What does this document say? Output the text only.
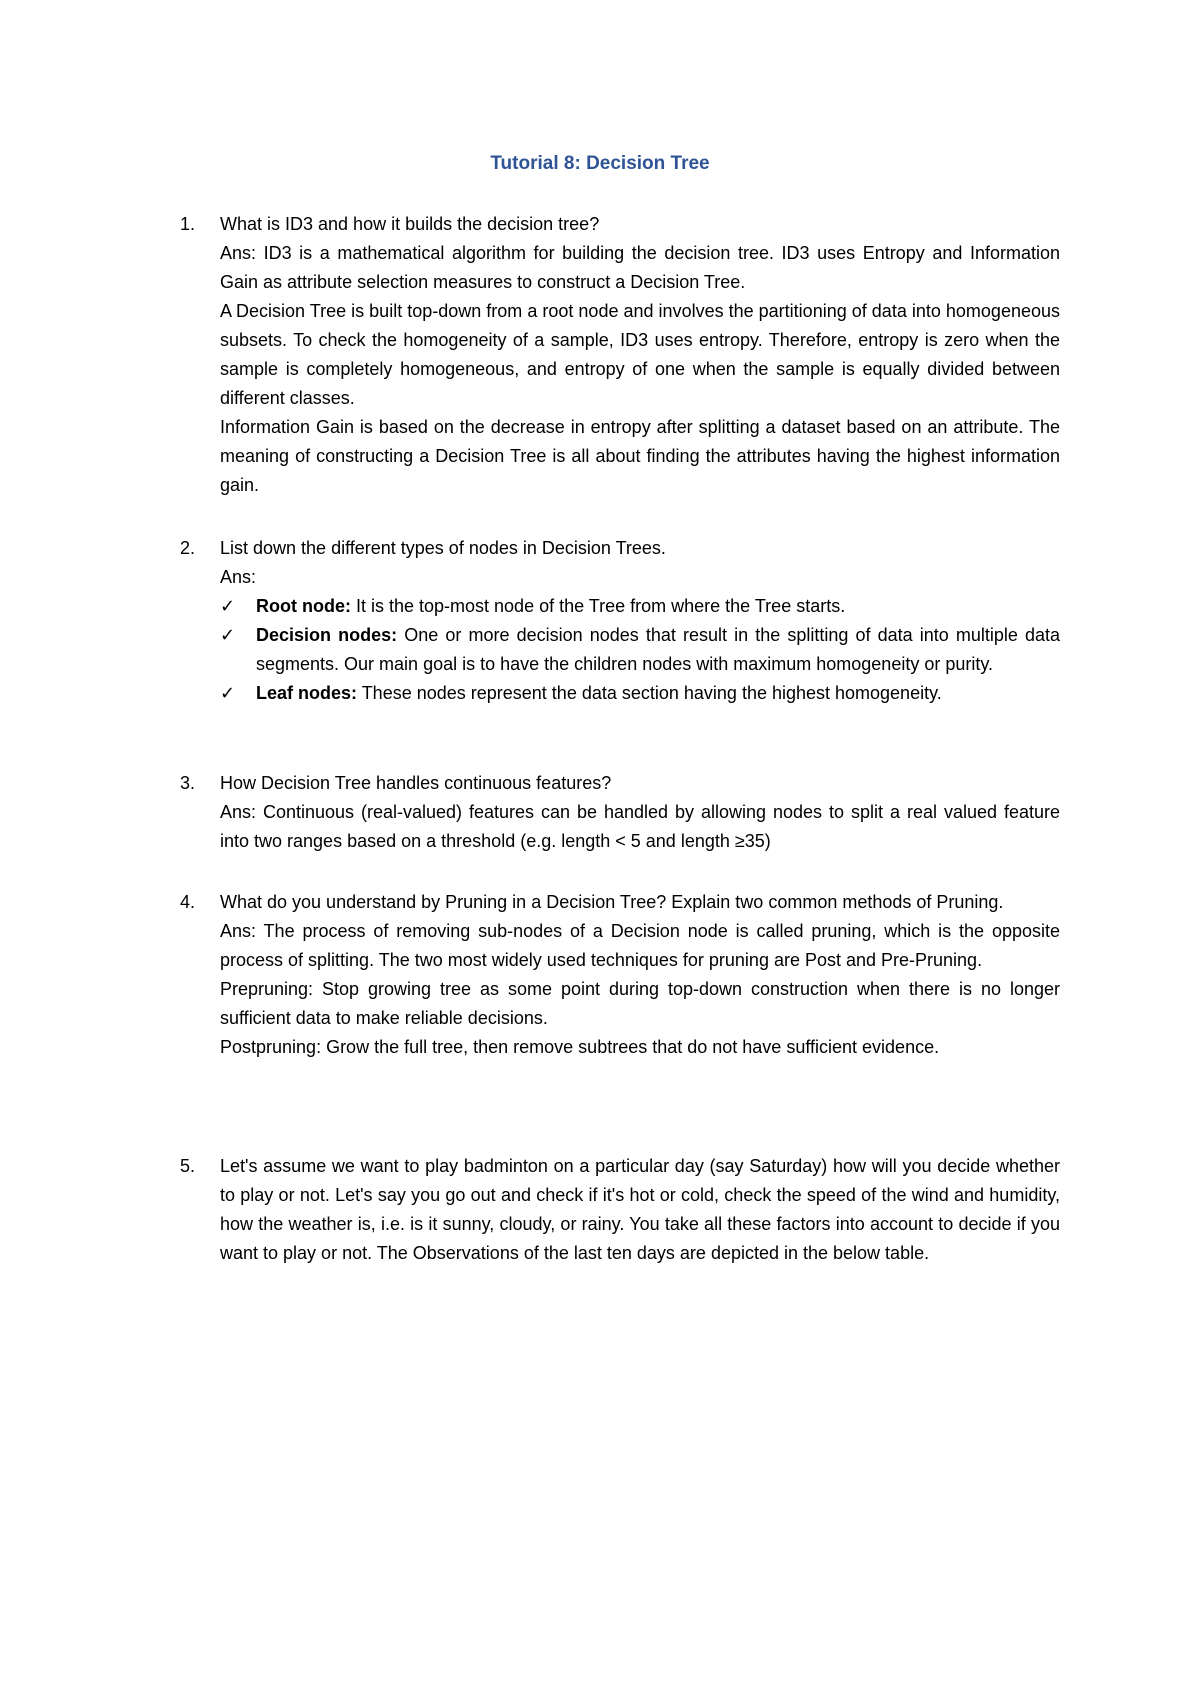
Tutorial 8: Decision Tree
1.	What is ID3 and how it builds the decision tree?

Ans: ID3 is a mathematical algorithm for building the decision tree. ID3 uses Entropy and Information Gain as attribute selection measures to construct a Decision Tree.

A Decision Tree is built top-down from a root node and involves the partitioning of data into homogeneous subsets. To check the homogeneity of a sample, ID3 uses entropy. Therefore, entropy is zero when the sample is completely homogeneous, and entropy of one when the sample is equally divided between different classes.

Information Gain is based on the decrease in entropy after splitting a dataset based on an attribute. The meaning of constructing a Decision Tree is all about finding the attributes having the highest information gain.

2.	List down the different types of nodes in Decision Trees.

Ans:

✓ Root node: It is the top-most node of the Tree from where the Tree starts.
✓ Decision nodes: One or more decision nodes that result in the splitting of data into multiple data segments. Our main goal is to have the children nodes with maximum homogeneity or purity.
✓ Leaf nodes: These nodes represent the data section having the highest homogeneity.
3.	How Decision Tree handles continuous features?

Ans: Continuous (real-valued) features can be handled by allowing nodes to split a real valued feature into two ranges based on a threshold (e.g. length < 5 and length ≥35)

4.	What do you understand by Pruning in a Decision Tree? Explain two common methods of Pruning.

Ans: The process of removing sub-nodes of a Decision node is called pruning, which is the opposite process of splitting. The two most widely used techniques for pruning are Post and Pre-Pruning.

Prepruning: Stop growing tree as some point during top-down construction when there is no longer sufficient data to make reliable decisions.

Postpruning: Grow the full tree, then remove subtrees that do not have sufficient evidence.

5.	Let's assume we want to play badminton on a particular day (say Saturday) how will you decide whether to play or not. Let's say you go out and check if it's hot or cold, check the speed of the wind and humidity, how the weather is, i.e. is it sunny, cloudy, or rainy. You take all these factors into account to decide if you want to play or not. The Observations of the last ten days are depicted in the below table.
